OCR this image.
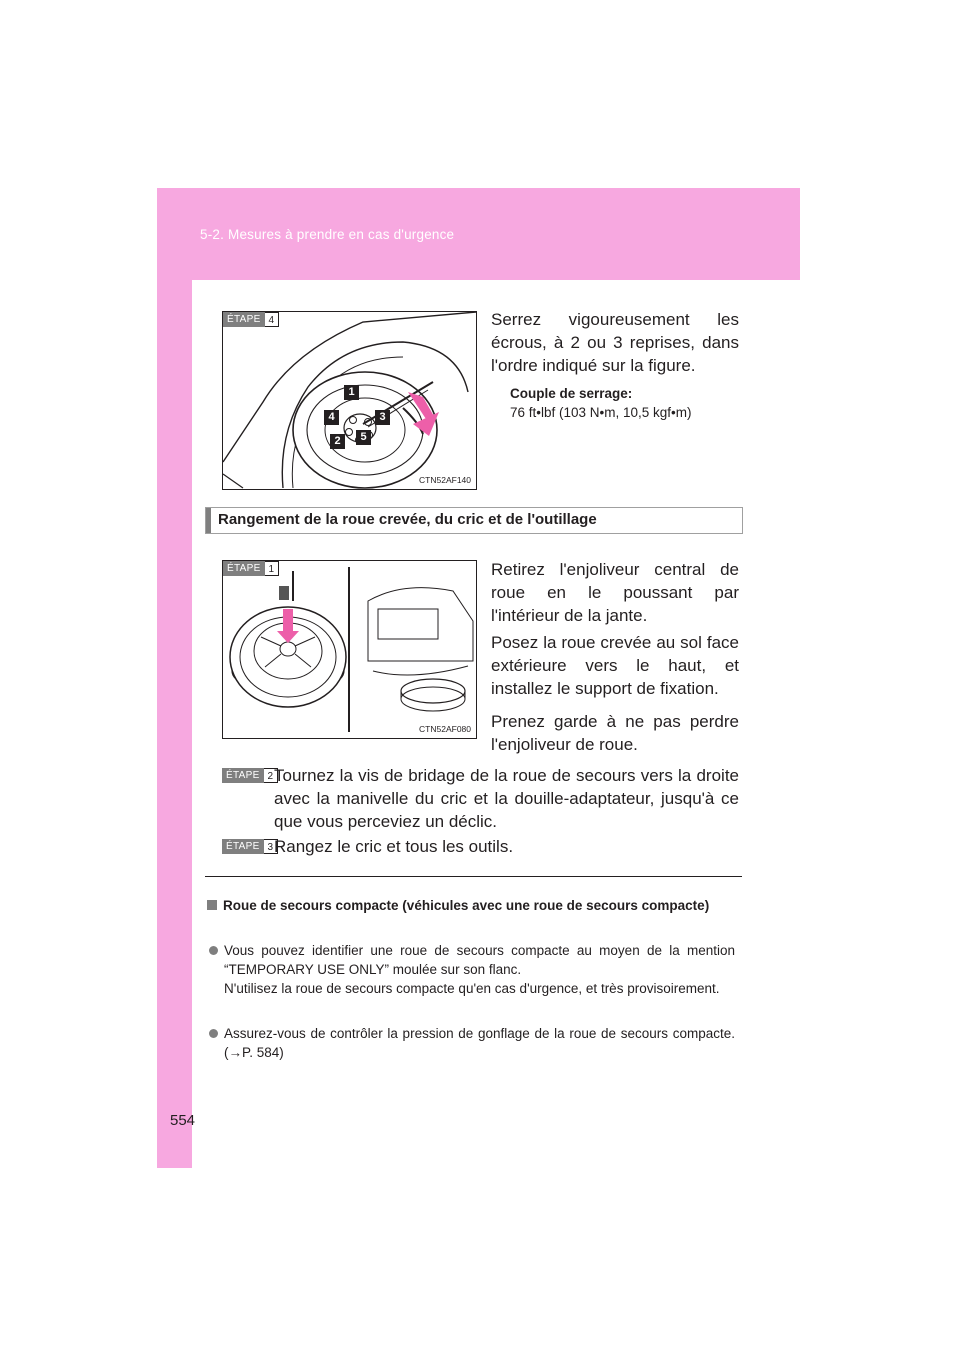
5-2. Mesures à prendre en cas d'urgence
ÉTAPE 4
1
4	3
2	5
CTN52AF140

Serrez vigoureusement les écrous, à 2 ou 3 reprises, dans l'ordre indiqué sur la figure.

Couple de serrage:
76 ft•lbf (103 N•m, 10,5 kgf•m)
Rangement de la roue crevée, du cric et de l'outillage
ÉTAPE 1
CTN52AF080

Retirez l'enjoliveur central de roue en le poussant par l'intérieur de la jante.

Posez la roue crevée au sol face extérieure vers le haut, et installez le support de fixation.

Prenez garde à ne pas perdre l'enjoliveur de roue.

ÉTAPE 2 Tournez la vis de bridage de la roue de secours vers la droite avec la manivelle du cric et la douille-adaptateur, jusqu'à ce que vous perceviez un déclic.

ÉTAPE 3 Rangez le cric et tous les outils.

Roue de secours compacte (véhicules avec une roue de secours compacte)
Vous pouvez identifier une roue de secours compacte au moyen de la mention “TEMPORARY USE ONLY” moulée sur son flanc.
N'utilisez la roue de secours compacte qu'en cas d'urgence, et très provisoirement.
Assurez-vous de contrôler la pression de gonflage de la roue de secours compacte. (→P. 584)
554
